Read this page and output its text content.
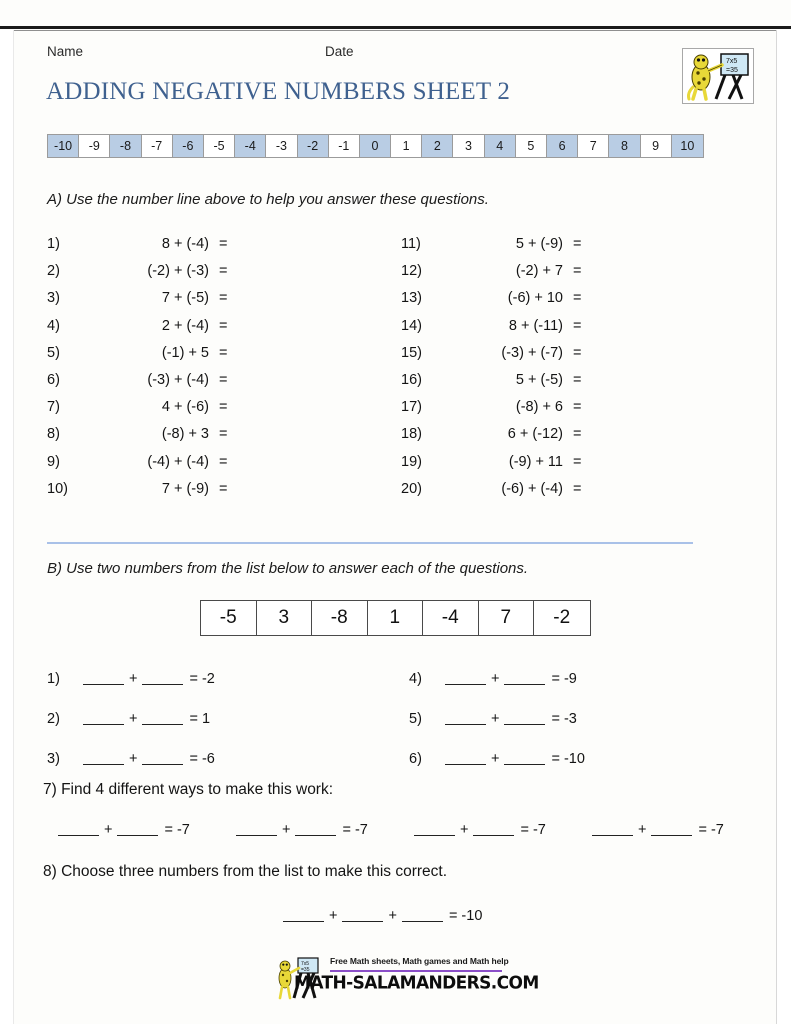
Name	Date
ADDING NEGATIVE NUMBERS SHEET 2
7x5
=35
-10	-9	-8	-7	-6	-5	-4	-3	-2	-1	0	1	2	3	4	5	6	7	8	9	10
A) Use the number line above to help you answer these questions.
1)	8 + (-4) =
2)	(-2) + (-3) =
3)	7 + (-5) =
4)	2 + (-4) =
5)	(-1) + 5 =
6)	(-3) + (-4) =
7)	4 + (-6) =
8)	(-8) + 3 =
9)	(-4) + (-4) =
10)	7 + (-9) =
11)	5 + (-9) =
12)	(-2) + 7 =
13)	(-6) + 10 =
14)	8 + (-11) =
15)	(-3) + (-7) =
16)	5 + (-5) =
17)	(-8) + 6 =
18)	6 + (-12) =
19)	(-9) + 11 =
20)	(-6) + (-4) =
B) Use two numbers from the list below to answer each of the questions.
-5	3	-8	1	-4	7	-2
1)	+	= -2
2)	+	= 1
3)	+	= -6
4)	+	= -9
5)	+	= -3
6)	+	= -10
7) Find 4 different ways to make this work:
+	= -7	+	= -7	+	= -7	+	= -7
8) Choose three numbers from the list to make this correct.
+	+	= -10
7x5
=35
Free Math sheets, Math games and Math help
MATH-SALAMANDERS.COM
